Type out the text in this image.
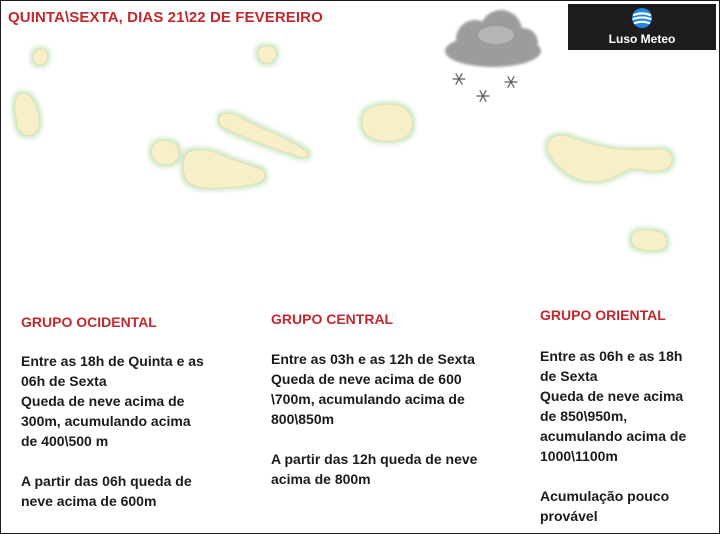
QUINTA\SEXTA, DIAS 21\22 DE FEVEREIRO
Luso Meteo
GRUPO OCIDENTAL

Entre as 18h de Quinta e as

06h de Sexta

Queda de neve acima de

300m, acumulando acima

de 400\500 m

A partir das 06h queda de

neve acima de 600m

GRUPO CENTRAL

Entre as 03h e as 12h de Sexta

Queda de neve acima de 600

\700m, acumulando acima de

800\850m

A partir das 12h queda de neve

acima de 800m

GRUPO ORIENTAL

Entre as 06h e as 18h

de Sexta

Queda de neve acima

de 850\950m,

acumulando acima de

1000\1100m

Acumulação pouco

provável
